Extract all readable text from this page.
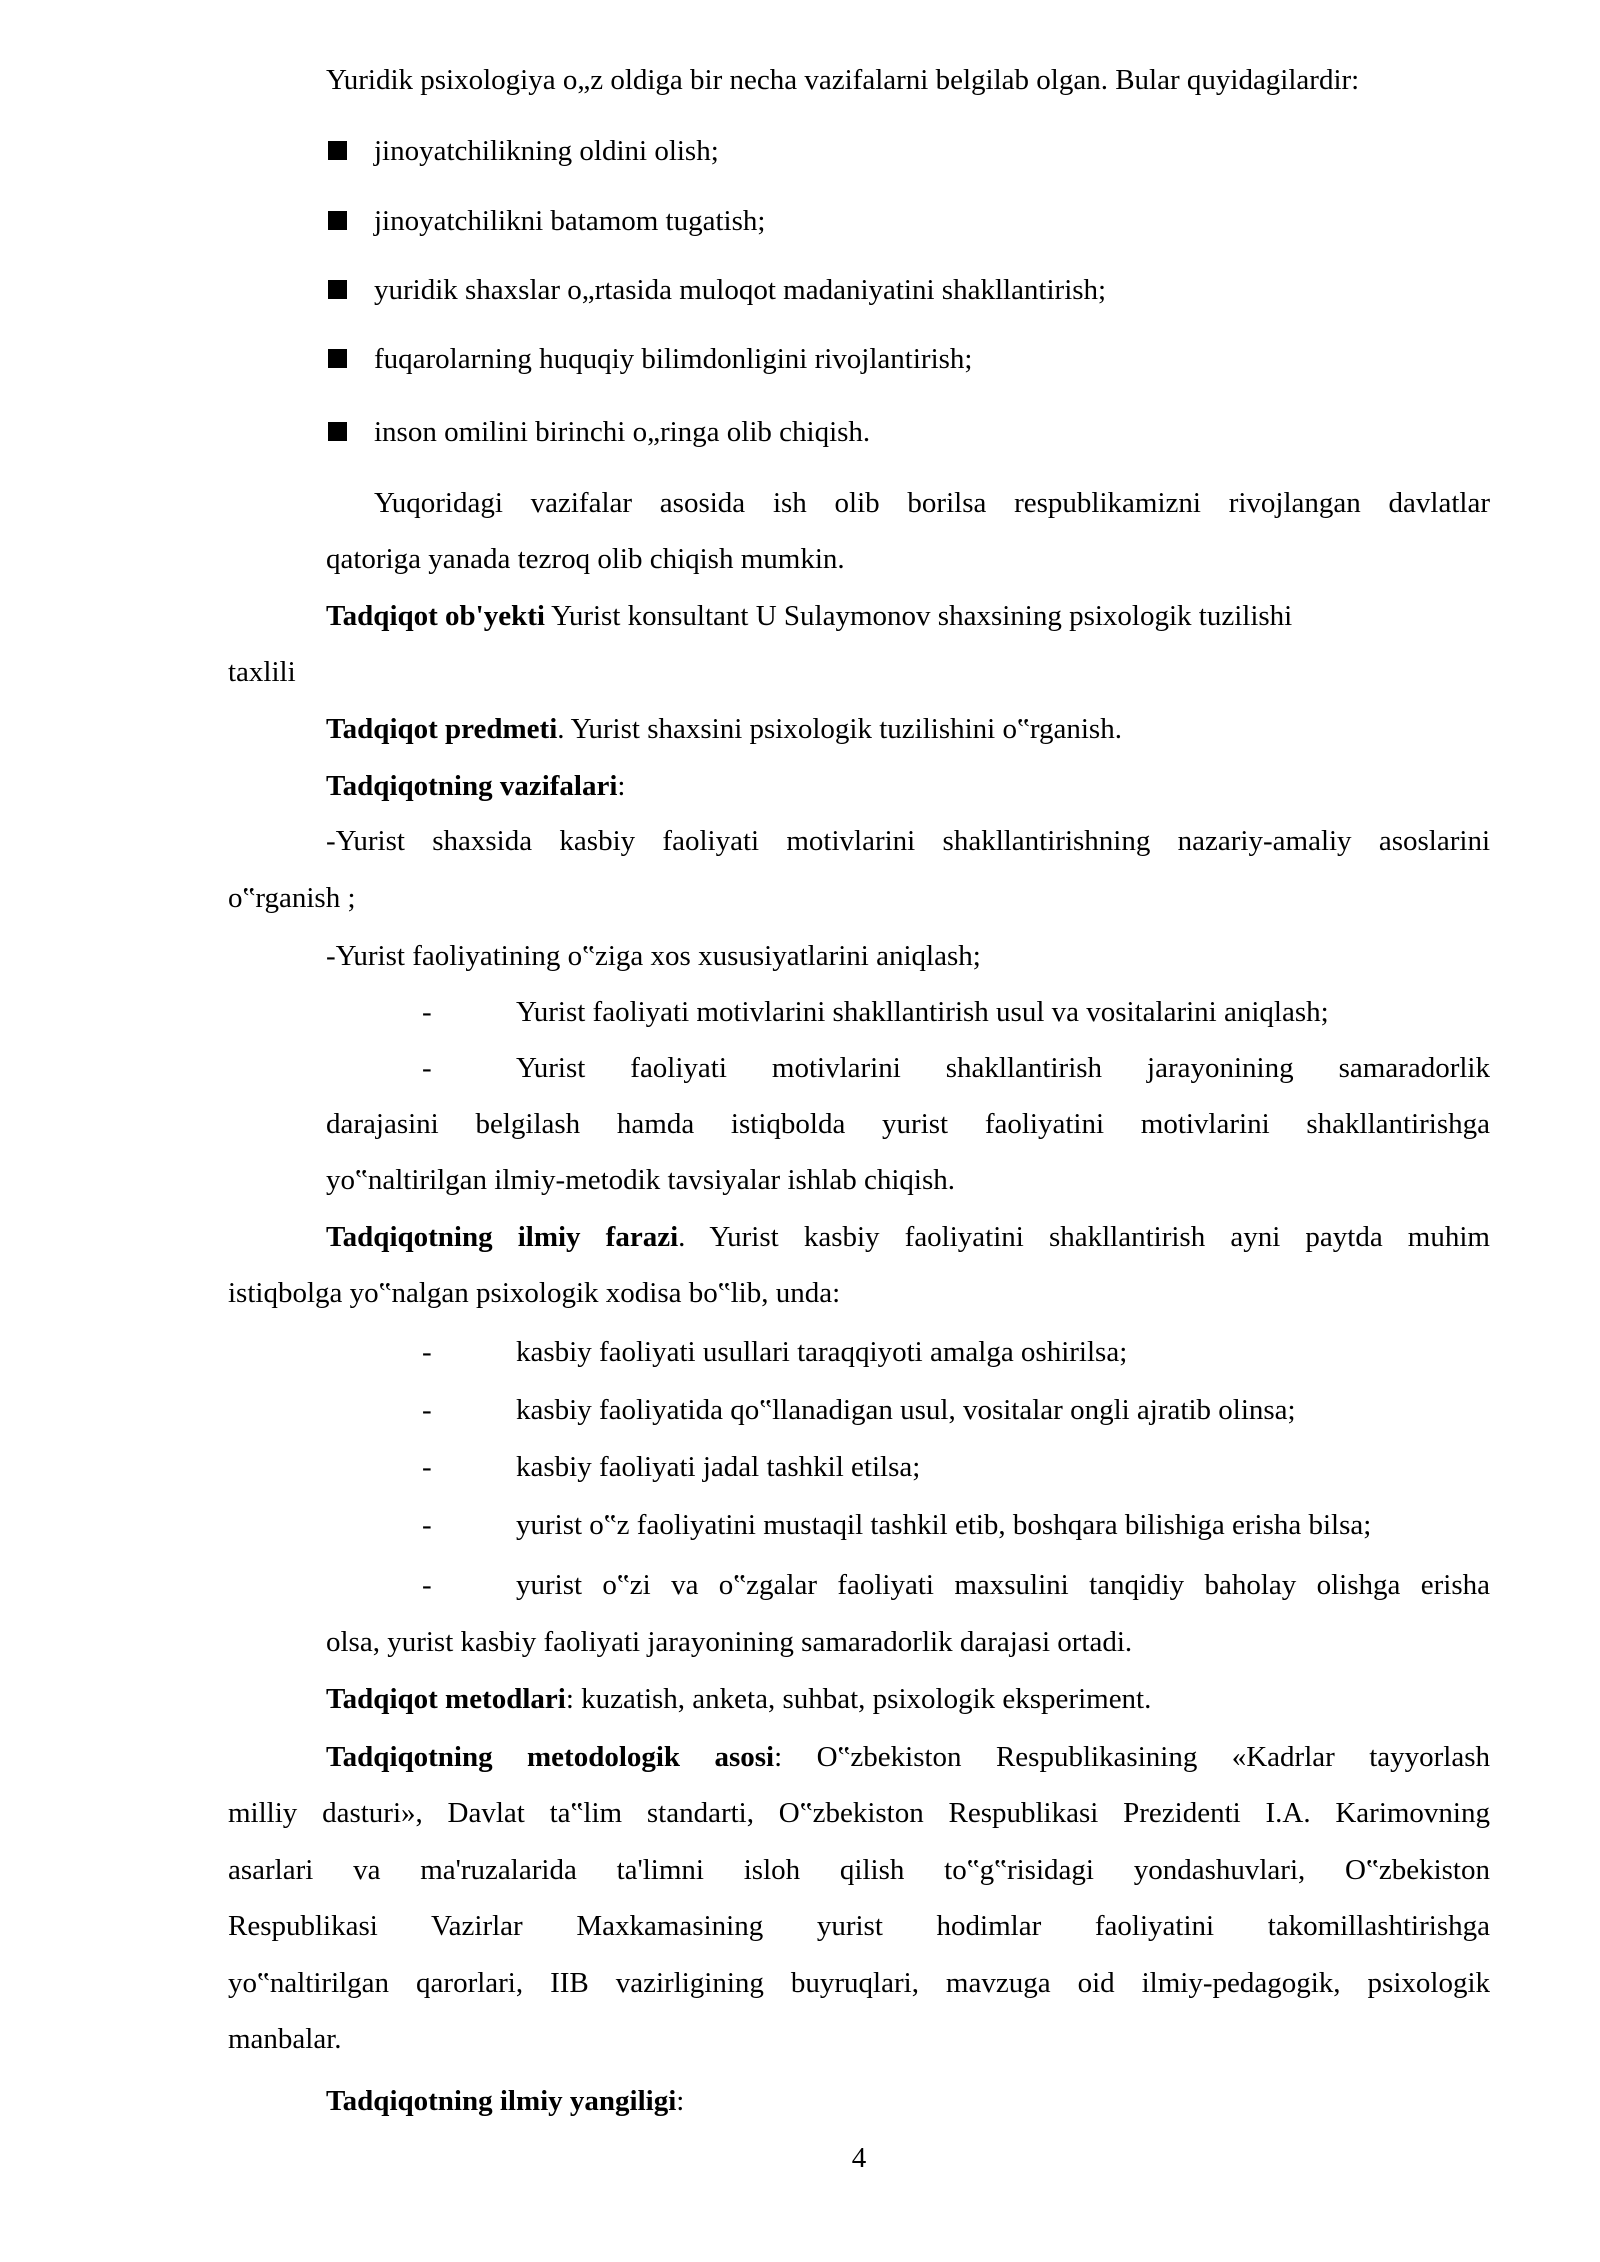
Yuridik psixologiya o„z oldiga bir necha vazifalarni belgilab olgan. Bular quyidagilardir:
jinoyatchilikning oldini olish;
jinoyatchilikni batamom tugatish;
yuridik shaxslar o„rtasida muloqot madaniyatini shakllantirish;
fuqarolarning huquqiy bilimdonligini rivojlantirish;
inson omilini birinchi o„ringa olib chiqish.
Yuqoridagi vazifalar asosida ish olib borilsa respublikamizni rivojlangan davlatlar
qatoriga yanada tezroq olib chiqish mumkin.
Tadqiqot ob'yekti Yurist konsultant U Sulaymonov shaxsining psixologik tuzilishi
taxlili
Tadqiqot predmeti. Yurist shaxsini psixologik tuzilishini o‟rganish.
Tadqiqotning vazifalari:
-Yurist shaxsida kasbiy faoliyati motivlarini shakllantirishning nazariy-amaliy asoslarini
o‟rganish ;
-Yurist faoliyatining o‟ziga xos xususiyatlarini aniqlash;
-	Yurist faoliyati motivlarini shakllantirish usul va vositalarini aniqlash;
-	Yurist faoliyati motivlarini shakllantirish jarayonining samaradorlik
darajasini belgilash hamda istiqbolda yurist faoliyatini motivlarini shakllantirishga
yo‟naltirilgan ilmiy-metodik tavsiyalar ishlab chiqish.
Tadqiqotning ilmiy farazi. Yurist kasbiy faoliyatini shakllantirish ayni paytda muhim
istiqbolga yo‟nalgan psixologik xodisa bo‟lib, unda:
-	kasbiy faoliyati usullari taraqqiyoti amalga oshirilsa;
-	kasbiy faoliyatida qo‟llanadigan usul, vositalar ongli ajratib olinsa;
-	kasbiy faoliyati jadal tashkil etilsa;
-	yurist o‟z faoliyatini mustaqil tashkil etib, boshqara bilishiga erisha bilsa;
-	yurist o‟zi va o‟zgalar faoliyati maxsulini tanqidiy baholay olishga erisha
olsa, yurist kasbiy faoliyati jarayonining samaradorlik darajasi ortadi.
Tadqiqot metodlari: kuzatish, anketa, suhbat, psixologik eksperiment.
Tadqiqotning metodologik asosi: O‟zbekiston Respublikasining «Kadrlar tayyorlash
milliy dasturi», Davlat ta‟lim standarti, O‟zbekiston Respublikasi Prezidenti I.A. Karimovning
asarlari va ma'ruzalarida ta'limni isloh qilish to‟g‟risidagi yondashuvlari, O‟zbekiston
Respublikasi Vazirlar Maxkamasining yurist hodimlar faoliyatini takomillashtirishga
yo‟naltirilgan qarorlari, IIB vazirligining buyruqlari, mavzuga oid ilmiy-pedagogik, psixologik
manbalar.
Tadqiqotning ilmiy yangiligi:
4
